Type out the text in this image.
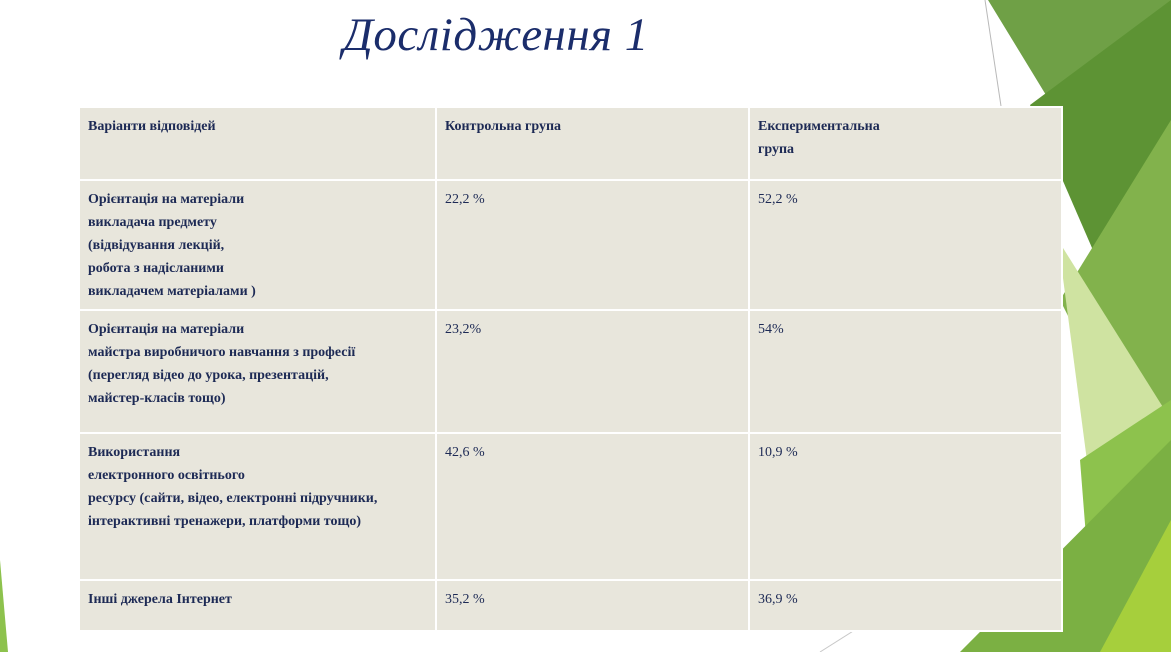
Дослідження 1
Варіанти відповідей	Контрольна група	Експериментальна
група
Орієнтація на матеріали
викладача предмету
(відвідування лекцій,
робота з надісланими
викладачем матеріалами )	22,2 %	52,2 %
Орієнтація на матеріали
майстра виробничого навчання з професії
(перегляд відео до урока, презентацій,
майстер-класів тощо)	23,2%	54%
Використання
електронного освітнього
ресурсу (сайти, відео, електронні підручники,
інтерактивні тренажери, платформи тощо)	42,6 %	10,9 %
Інші джерела Інтернет	35,2 %	36,9 %
